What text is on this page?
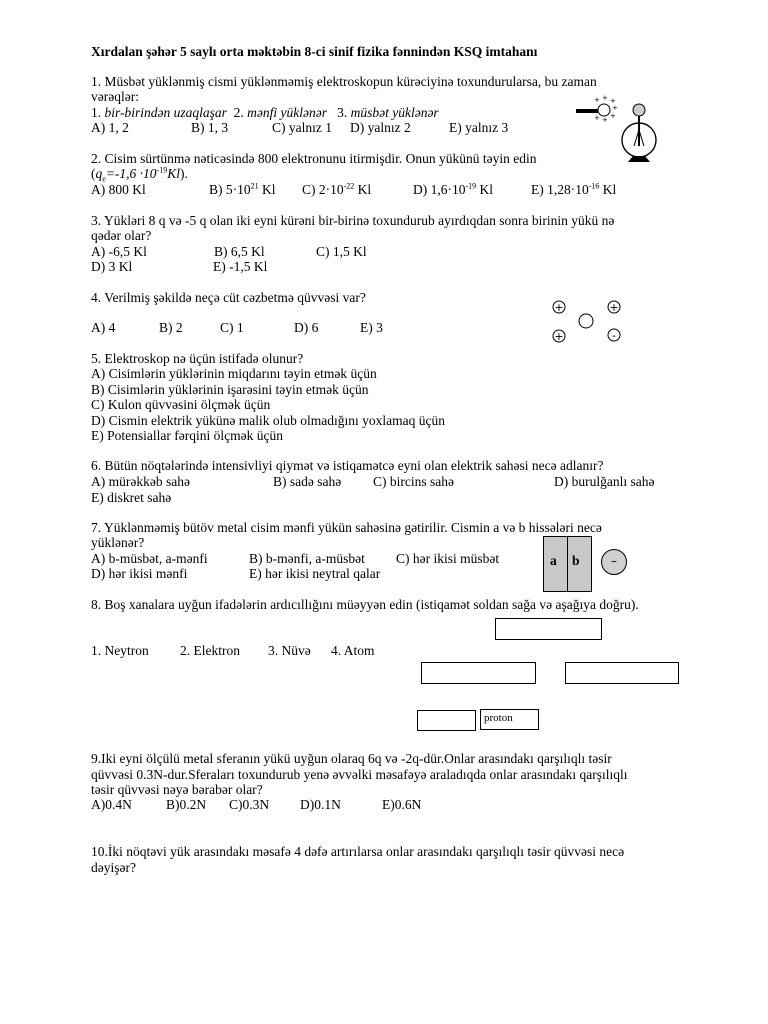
Xırdalan şəhər 5 saylı orta məktəbin 8-ci sinif fizika fənnindən KSQ imtahanı
1. Müsbət yüklənmiş cismi yüklənməmiş elektroskopun kürəciyinə toxundurularsa, bu zaman
vərəqlər:
1. bir-birindən uzaqlaşar 2. mənfi yüklənər 3. müsbət yüklənər
A) 1, 2	B) 1, 3	C) yalnız 1 D) yalnız 2	E) yalnız 3
+ + +
+
+
+
+
2. Cisim sürtünmə nəticəsində 800 elektronunu itirmişdir. Onun yükünü təyin edin
$(q_e=-1,6 \cdot 10^{-19}Kl)$.
A) 800 Kl	B) $5\cdot 10^{21}$ Kl C) $2\cdot 10^{-22}$ Kl	D) $1,6\cdot 10^{-19}$ Kl	E) $1,28\cdot 10^{-16}$ Kl
3. Yükləri 8 q və -5 q olan iki eyni kürəni bir-birinə toxundurub ayırdıqdan sonra birinin yükü nə
qədər olar?
A) -6,5 Kl	B) 6,5 Kl	C) 1,5 Kl
D) 3 Kl	E) -1,5 Kl
4. Verilmiş şəkildə neçə cüt cəzbetmə qüvvəsi var?
A) 4	B) 2	C) 1	D) 6	E) 3
+	+
+	-
5. Elektroskop nə üçün istifadə olunur?
A) Cisimlərin yüklərinin miqdarını təyin etmək üçün
B) Cisimlərin yüklərinin işarəsini təyin etmək üçün
C) Kulon qüvvəsini ölçmək üçün
D) Cismin elektrik yükünə malik olub olmadığını yoxlamaq üçün
E) Potensiallar fərqini ölçmək üçün
6. Bütün nöqtələrində intensivliyi qiymət və istiqamətcə eyni olan elektrik sahəsi necə adlanır?
A) mürəkkəb sahə	B) sadə sahə C) bircins sahə	D) burulğanlı sahə
E) diskret sahə
7. Yüklənməmiş bütöv metal cisim mənfi yükün sahəsinə gətirilir. Cismin a və b hissələri necə
yüklənər?
A) b-müsbət, a-mənfi	B) b-mənfi, a-müsbət C) hər ikisi müsbət
D) hər ikisi mənfi	E) hər ikisi neytral qalar
a b	–
8. Boş xanalara uyğun ifadələrin ardıcıllığını müəyyən edin (istiqamət soldan sağa və aşağıya doğru).
1. Neytron 2. Elektron 3. Nüvə 4. Atom
proton
9.Iki eyni ölçülü metal sferanın yükü uyğun olaraq 6q və -2q-dür.Onlar arasındakı qarşılıqlı təsir
qüvvəsi 0.3N-dur.Sferaları toxundurub yenə əvvəlki məsafəyə araladıqda onlar arasındakı qarşılıqlı
təsir qüvvəsi nəyə bərabər olar?
A)0.4N	B)0.2N C)0.3N D)0.1N	E)0.6N
10.İki nöqtəvi yük arasındakı məsafə 4 dəfə artırılarsa onlar arasındakı qarşılıqlı təsir qüvvəsi necə
dəyişər?
